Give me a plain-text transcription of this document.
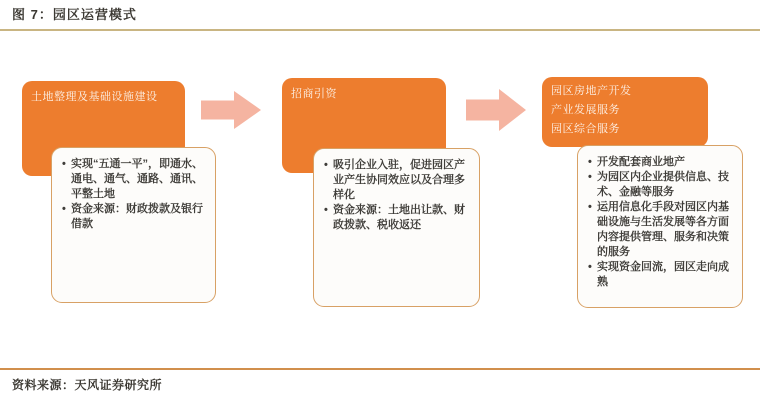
图 7：园区运营模式
土地整理及基础设施建设
• 实现“五通一平”，即通水、通电、通气、通路、通讯、平整土地
• 资金来源：财政拨款及银行借款
招商引资
• 吸引企业入驻，促进园区产业产生协同效应以及合理多样化
• 资金来源：土地出让款、财政拨款、税收返还
园区房地产开发
产业发展服务
园区综合服务
• 开发配套商业地产
• 为园区内企业提供信息、技术、金融等服务
• 运用信息化手段对园区内基础设施与生活发展等各方面内容提供管理、服务和决策的服务
• 实现资金回流，园区走向成熟
资料来源：天风证券研究所
